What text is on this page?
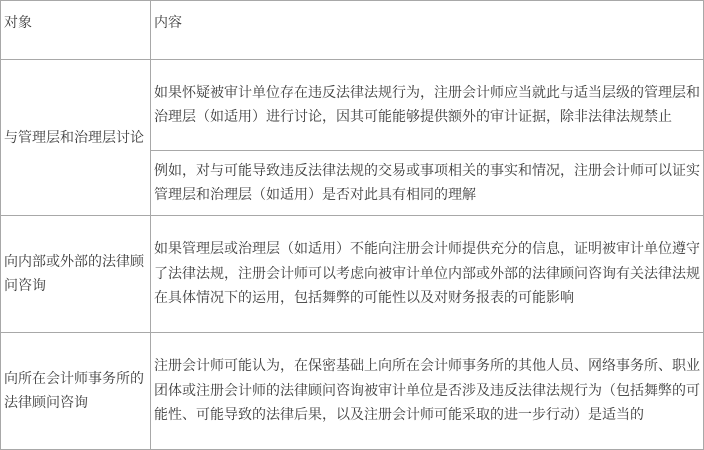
对象	内容
与管理层和治理层讨论	如果怀疑被审计单位存在违反法律法规行为，注册会计师应当就此与适当层级的管理层和治理层（如适用）进行讨论，因其可能能够提供额外的审计证据，除非法律法规禁止
	例如，对与可能导致违反法律法规的交易或事项相关的事实和情况，注册会计师可以证实管理层和治理层（如适用）是否对此具有相同的理解
向内部或外部的法律顾问咨询	如果管理层或治理层（如适用）不能向注册会计师提供充分的信息，证明被审计单位遵守了法律法规，注册会计师可以考虑向被审计单位内部或外部的法律顾问咨询有关法律法规在具体情况下的运用，包括舞弊的可能性以及对财务报表的可能影响
向所在会计师事务所的法律顾问咨询	注册会计师可能认为，在保密基础上向所在会计师事务所的其他人员、网络事务所、职业团体或注册会计师的法律顾问咨询被审计单位是否涉及违反法律法规行为（包括舞弊的可能性、可能导致的法律后果，以及注册会计师可能采取的进一步行动）是适当的
